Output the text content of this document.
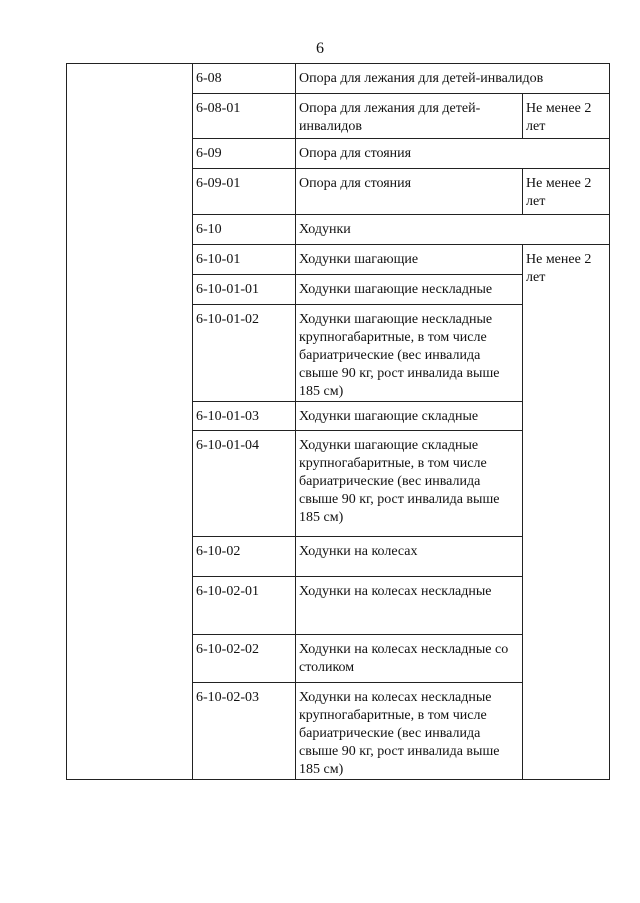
6
	6-08	Опора для лежания для детей-инвалидов	
	6-08-01	Опора для лежания для детей-инвалидов	Не менее 2 лет
	6-09	Опора для стояния	
	6-09-01	Опора для стояния	Не менее 2 лет
	6-10	Ходунки	
	6-10-01	Ходунки шагающие	Не менее 2 лет
	6-10-01-01	Ходунки шагающие нескладные	
	6-10-01-02	Ходунки шагающие нескладные крупногабаритные, в том числе бариатрические (вес инвалида свыше 90 кг, рост инвалида выше 185 см)	
	6-10-01-03	Ходунки шагающие складные	
	6-10-01-04	Ходунки шагающие складные крупногабаритные, в том числе бариатрические (вес инвалида свыше 90 кг, рост инвалида выше 185 см)	
	6-10-02	Ходунки на колесах	
	6-10-02-01	Ходунки на колесах нескладные	
	6-10-02-02	Ходунки на колесах нескладные со столиком	
	6-10-02-03	Ходунки на колесах нескладные крупногабаритные, в том числе бариатрические (вес инвалида свыше 90 кг, рост инвалида выше 185 см)	
